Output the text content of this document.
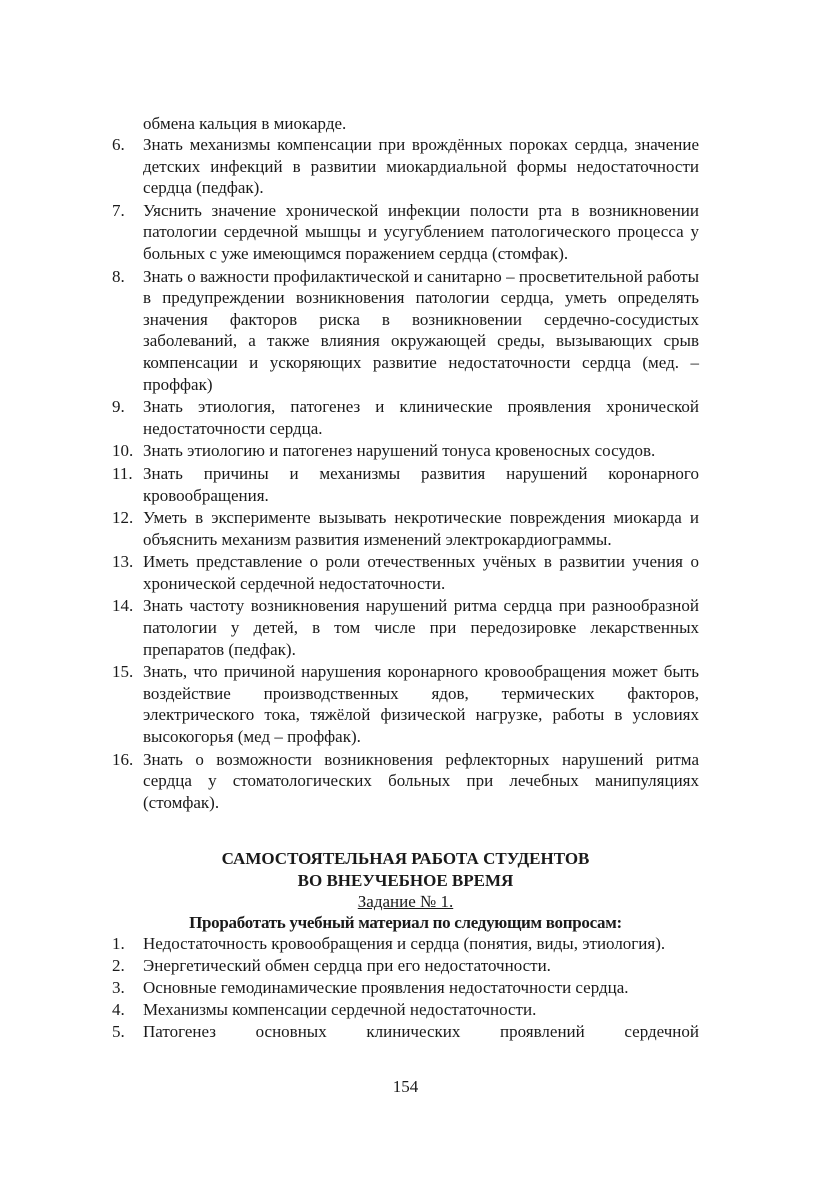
обмена кальция в миокарде.
6. Знать механизмы компенсации при врождённых пороках сердца, значение детских инфекций в развитии миокардиальной формы недостаточности сердца (педфак).
7. Уяснить значение хронической инфекции полости рта в возникновении патологии сердечной мышцы и усугублением патологического процесса у больных с уже имеющимся поражением сердца (стомфак).
8. Знать о важности профилактической и санитарно – просветительной работы в предупреждении возникновения патологии сердца, уметь определять значения факторов риска в возникновении сердечно-сосудистых заболеваний, а также влияния окружающей среды, вызывающих срыв компенсации и ускоряющих развитие недостаточности сердца (мед. – проффак)
9. Знать этиология, патогенез и клинические проявления хронической недостаточности сердца.
10. Знать этиологию и патогенез нарушений тонуса кровеносных сосудов.
11. Знать причины и механизмы развития нарушений коронарного кровообращения.
12. Уметь в эксперименте вызывать некротические повреждения миокарда и объяснить механизм развития изменений электрокардиограммы.
13. Иметь представление о роли отечественных учёных в развитии учения о хронической сердечной недостаточности.
14. Знать частоту возникновения нарушений ритма сердца при разнообразной патологии у детей, в том числе при передозировке лекарственных препаратов (педфак).
15. Знать, что причиной нарушения коронарного кровообращения может быть воздействие производственных ядов, термических факторов, электрического тока, тяжёлой физической нагрузке, работы в условиях высокогорья (мед – проффак).
16. Знать о возможности возникновения рефлекторных нарушений ритма сердца у стоматологических больных при лечебных манипуляциях (стомфак).
САМОСТОЯТЕЛЬНАЯ РАБОТА СТУДЕНТОВ
ВО ВНЕУЧЕБНОЕ ВРЕМЯ
Задание № 1.
Проработать учебный материал по следующим вопросам:
1. Недостаточность кровообращения и сердца (понятия, виды, этиология).
2. Энергетический обмен сердца при его недостаточности.
3. Основные гемодинамические проявления недостаточности сердца.
4. Механизмы компенсации сердечной недостаточности.
5. Патогенез основных клинических проявлений сердечной
154
